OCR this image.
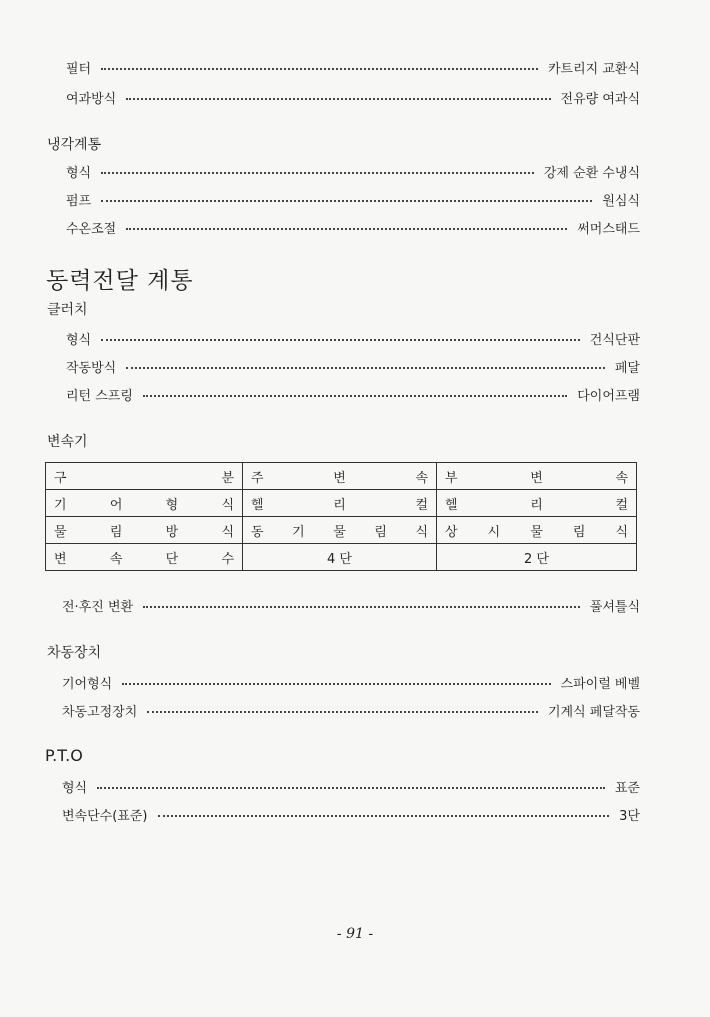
필터	카트리지 교환식
여과방식	전유량 여과식
냉각계통
형식	강제 순환 수냉식
펌프	원심식
수온조절	써머스태드
동력전달 계통
클러치
형식	건식단판
작동방식	페달
리턴 스프링	다이어프램
변속기
구 분	주 변 속	부 변 속

기 어 형 식	헬 리 컬	헬 리 컬

물 림 방 식	동 기 물 림 식	상 시 물 림 식

변 속 단 수	4 단	2 단
전·후진 변환	풀셔틀식
차동장치
기어형식	스파이럴 베벨
차동고정장치	기계식 페달작동
P.T.O
형식	표준
변속단수(표준)	3단
- 91 -
